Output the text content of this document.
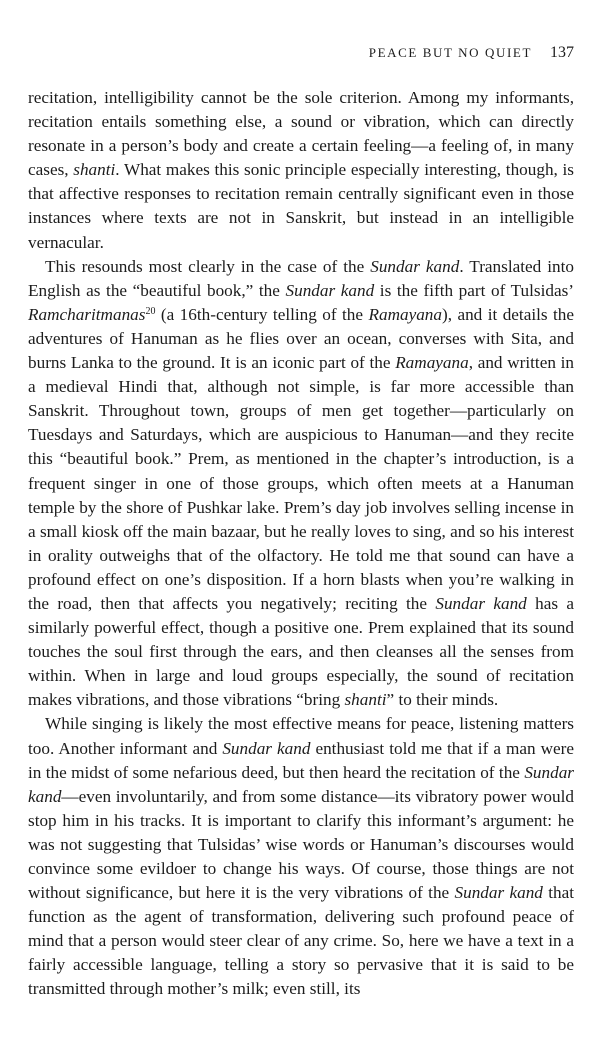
PEACE BUT NO QUIET 137

recitation, intelligibility cannot be the sole criterion. Among my informants, recitation entails something else, a sound or vibration, which can directly resonate in a person’s body and create a certain feeling—a feeling of, in many cases, shanti. What makes this sonic principle especially interesting, though, is that affective responses to recitation remain centrally significant even in those instances where texts are not in Sanskrit, but instead in an intelligible vernacular.

This resounds most clearly in the case of the Sundar kand. Translated into English as the “beautiful book,” the Sundar kand is the fifth part of Tulsidas’ Ramcharitmanas$^{20}$ (a 16th-century telling of the Ramayana), and it details the adventures of Hanuman as he flies over an ocean, converses with Sita, and burns Lanka to the ground. It is an iconic part of the Ramayana, and written in a medieval Hindi that, although not simple, is far more accessible than Sanskrit. Throughout town, groups of men get together—particularly on Tuesdays and Saturdays, which are auspicious to Hanuman—and they recite this “beautiful book.” Prem, as mentioned in the chapter’s introduction, is a frequent singer in one of those groups, which often meets at a Hanuman temple by the shore of Pushkar lake. Prem’s day job involves selling incense in a small kiosk off the main bazaar, but he really loves to sing, and so his interest in orality outweighs that of the olfactory. He told me that sound can have a profound effect on one’s disposition. If a horn blasts when you’re walking in the road, then that affects you negatively; reciting the Sundar kand has a similarly powerful effect, though a positive one. Prem explained that its sound touches the soul first through the ears, and then cleanses all the senses from within. When in large and loud groups especially, the sound of recitation makes vibrations, and those vibrations “bring shanti” to their minds.

While singing is likely the most effective means for peace, listening matters too. Another informant and Sundar kand enthusiast told me that if a man were in the midst of some nefarious deed, but then heard the recitation of the Sundar kand—even involuntarily, and from some distance—its vibratory power would stop him in his tracks. It is important to clarify this informant’s argument: he was not suggesting that Tulsidas’ wise words or Hanuman’s discourses would convince some evildoer to change his ways. Of course, those things are not without significance, but here it is the very vibrations of the Sundar kand that function as the agent of transformation, delivering such profound peace of mind that a person would steer clear of any crime. So, here we have a text in a fairly accessible language, telling a story so pervasive that it is said to be transmitted through mother’s milk; even still, its
